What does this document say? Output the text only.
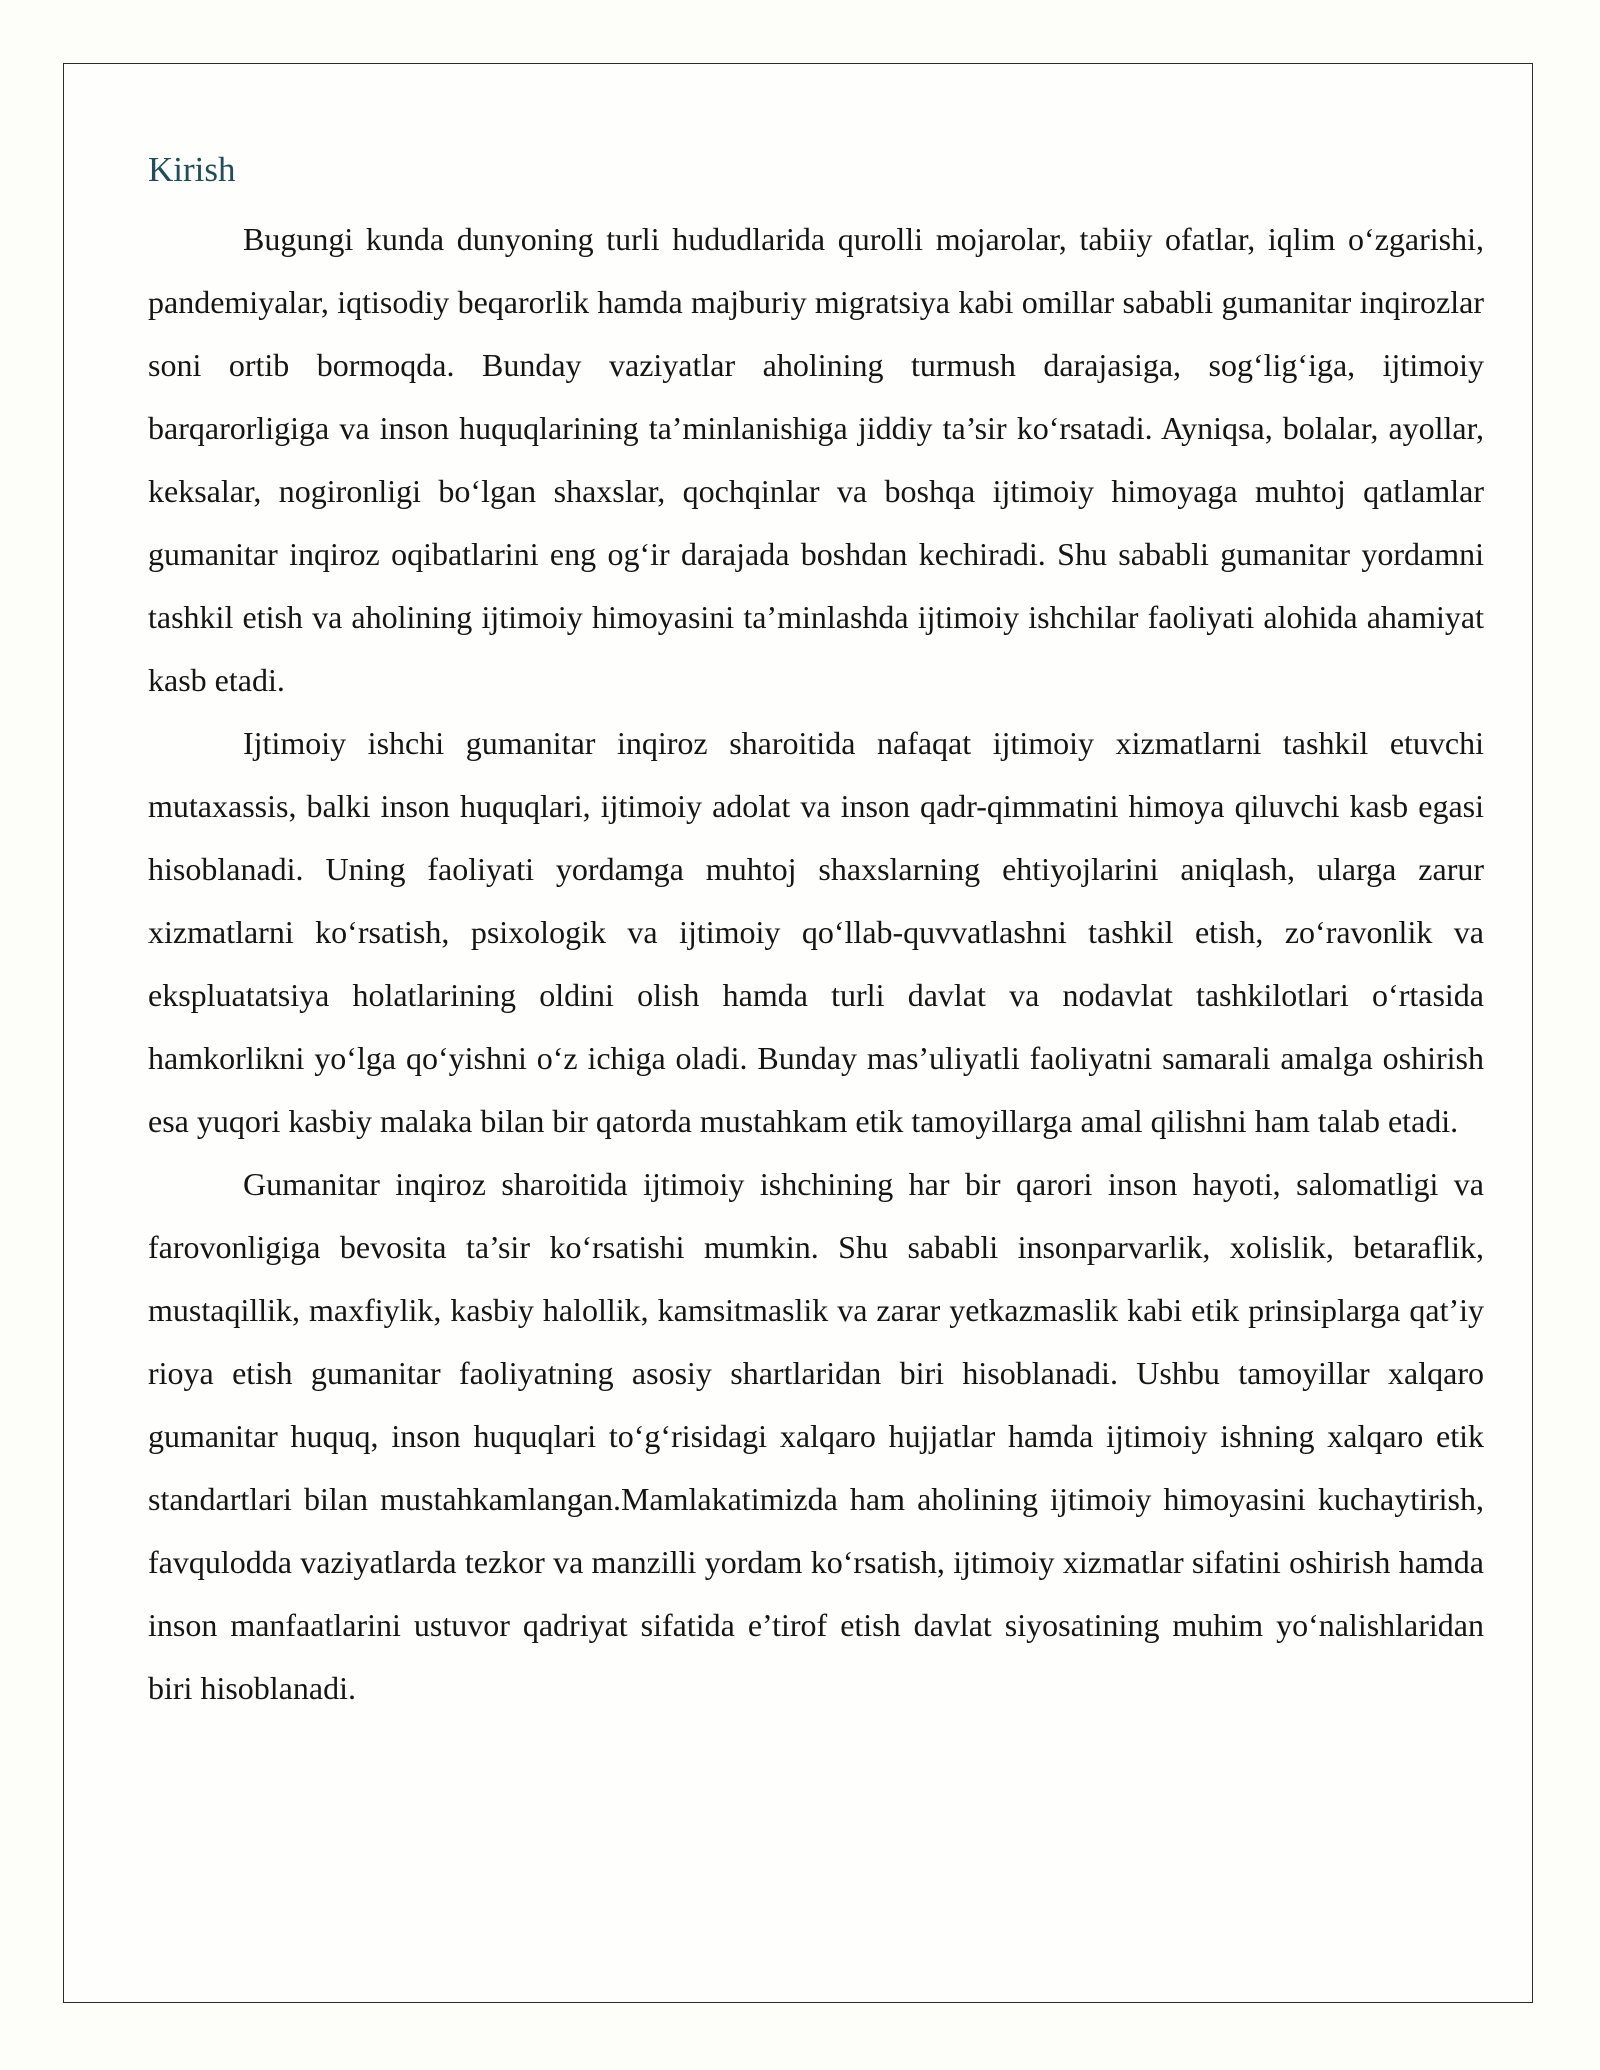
Kirish

Bugungi kunda dunyoning turli hududlarida qurolli mojarolar, tabiiy ofatlar, iqlim o‘zgarishi, pandemiyalar, iqtisodiy beqarorlik hamda majburiy migratsiya kabi omillar sababli gumanitar inqirozlar soni ortib bormoqda. Bunday vaziyatlar aholining turmush darajasiga, sog‘lig‘iga, ijtimoiy barqarorligiga va inson huquqlarining ta’minlanishiga jiddiy ta’sir ko‘rsatadi. Ayniqsa, bolalar, ayollar, keksalar, nogironligi bo‘lgan shaxslar, qochqinlar va boshqa ijtimoiy himoyaga muhtoj qatlamlar gumanitar inqiroz oqibatlarini eng og‘ir darajada boshdan kechiradi. Shu sababli gumanitar yordamni tashkil etish va aholining ijtimoiy himoyasini ta’minlashda ijtimoiy ishchilar faoliyati alohida ahamiyat kasb etadi.

Ijtimoiy ishchi gumanitar inqiroz sharoitida nafaqat ijtimoiy xizmatlarni tashkil etuvchi mutaxassis, balki inson huquqlari, ijtimoiy adolat va inson qadr-qimmatini himoya qiluvchi kasb egasi hisoblanadi. Uning faoliyati yordamga muhtoj shaxslarning ehtiyojlarini aniqlash, ularga zarur xizmatlarni ko‘rsatish, psixologik va ijtimoiy qo‘llab-quvvatlashni tashkil etish, zo‘ravonlik va ekspluatatsiya holatlarining oldini olish hamda turli davlat va nodavlat tashkilotlari o‘rtasida hamkorlikni yo‘lga qo‘yishni o‘z ichiga oladi. Bunday mas’uliyatli faoliyatni samarali amalga oshirish esa yuqori kasbiy malaka bilan bir qatorda mustahkam etik tamoyillarga amal qilishni ham talab etadi.

Gumanitar inqiroz sharoitida ijtimoiy ishchining har bir qarori inson hayoti, salomatligi va farovonligiga bevosita ta’sir ko‘rsatishi mumkin. Shu sababli insonparvarlik, xolislik, betaraflik, mustaqillik, maxfiylik, kasbiy halollik, kamsitmaslik va zarar yetkazmaslik kabi etik prinsiplarga qat’iy rioya etish gumanitar faoliyatning asosiy shartlaridan biri hisoblanadi. Ushbu tamoyillar xalqaro gumanitar huquq, inson huquqlari to‘g‘risidagi xalqaro hujjatlar hamda ijtimoiy ishning xalqaro etik standartlari bilan mustahkamlangan.Mamlakatimizda ham aholining ijtimoiy himoyasini kuchaytirish, favqulodda vaziyatlarda tezkor va manzilli yordam ko‘rsatish, ijtimoiy xizmatlar sifatini oshirish hamda inson manfaatlarini ustuvor qadriyat sifatida e’tirof etish davlat siyosatining muhim yo‘nalishlaridan biri hisoblanadi.
